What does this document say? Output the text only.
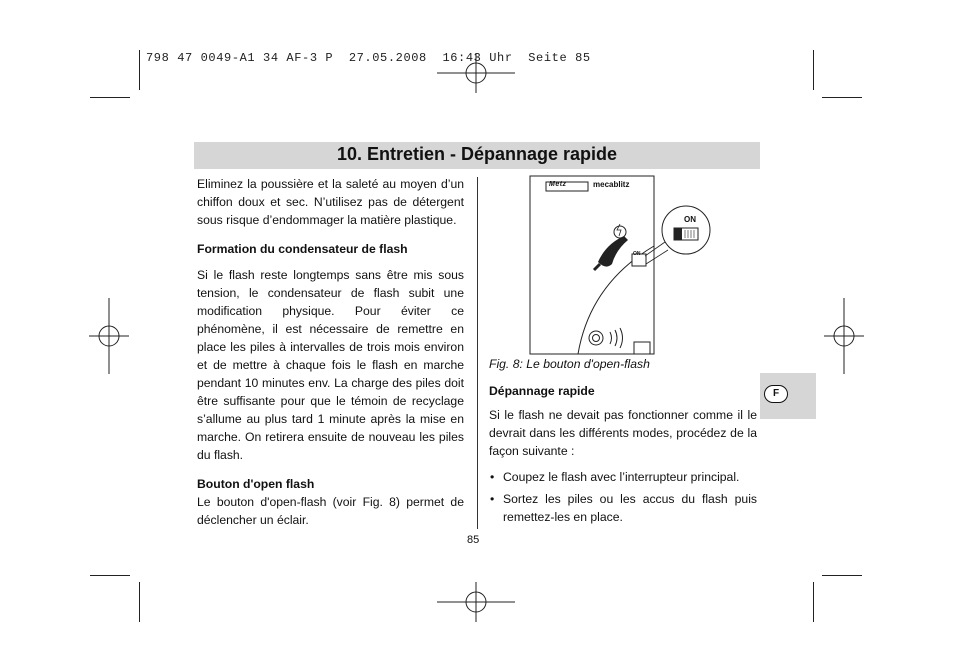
798 47 0049-A1 34 AF-3 P  27.05.2008  16:43 Uhr  Seite 85
10. Entretien - Dépannage rapide

Eliminez la poussière et la saleté au moyen d’un chiffon doux et sec. N’utilisez pas de détergent sous risque d’endommager la matière plastique.

Formation du condensateur de flash

Si le flash reste longtemps sans être mis sous tension, le condensateur de flash subit une modification physique. Pour éviter ce phénomène, il est nécessaire de remettre en place les piles à intervalles de trois mois environ et de mettre à chaque fois le flash en marche pendant 10 minutes env. La charge des piles doit être suffisante pour que le témoin de recyclage s’allume au plus tard 1 minute après la mise en marche. On retirera ensuite de nouveau les piles du flash.

Bouton d'open flash

Le bouton d'open-flash (voir Fig. 8) permet de déclencher un éclair.

Metz	mecablitz
ON
ON
Fig. 8: Le bouton d'open-flash
Dépannage rapide

Si le flash ne devait pas fonctionner comme il le devrait dans les différents modes, procédez de la façon suivante :

• Coupez le flash avec l’interrupteur principal.
• Sortez les piles ou les accus du flash puis remettez-les en place.
85
F
